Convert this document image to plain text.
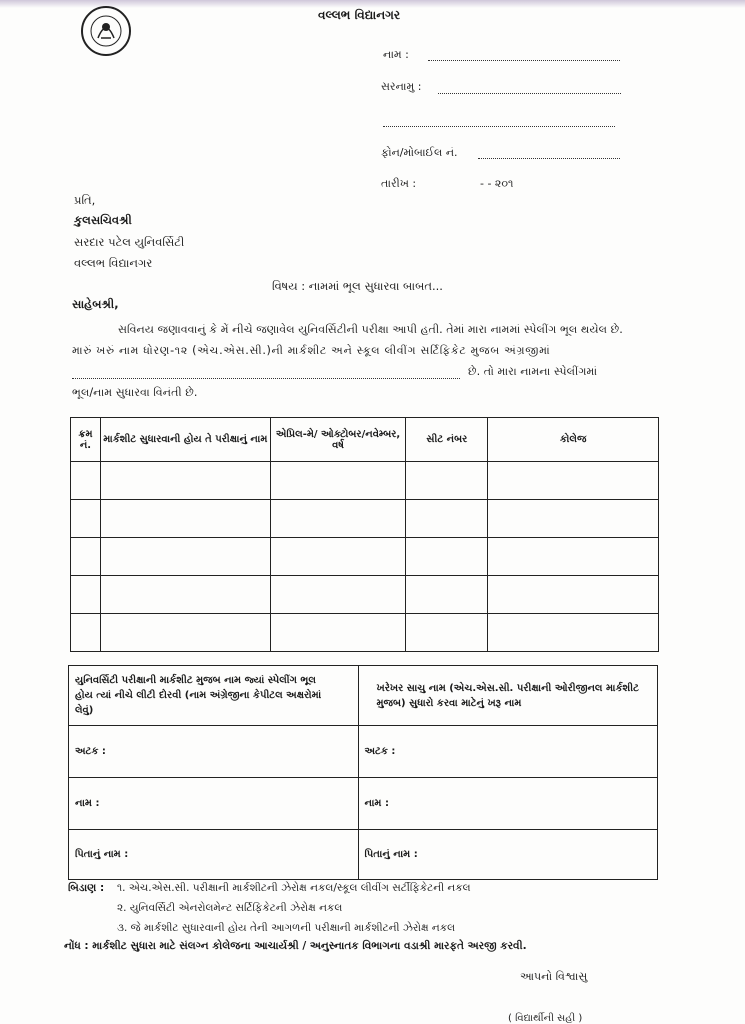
વલ્લભ વિદ્યાનગર
નામ :
સરનામુ :
ફોન/મોબાઈલ નં.
તારીખ :	- - ૨૦૧
પ્રતિ,
કુલસચિવશ્રી
સરદાર પટેલ યુનિવર્સિટી
વલ્લભ વિદ્યાનગર
વિષય : નામમાં ભૂલ સુધારવા બાબત...
સાહેબશ્રી,
સવિનય જણાવવાનું કે મેં નીચે જણાવેલ યુનિવર્સિટીની પરીક્ષા આપી હતી. તેમાં મારા નામમાં સ્પેલીંગ ભૂલ થયેલ છે.
મારું ખરું નામ ધોરણ-૧૨ (એચ.એસ.સી.)ની માર્કશીટ અને સ્કૂલ લીવીંગ સર્ટિફિકેટ મુજબ અંગ્રજીમાં
છે. તો મારા નામના સ્પેલીંગમાં
ભૂલ/નામ સુધારવા વિનંતી છે.
ક્રમ નં.	માર્કશીટ સુધારવાની હોય તે પરીક્ષાનું નામ	એપ્રિલ-મે/ ઓક્ટોબર/નવેમ્બર, વર્ષ	સીટ નંબર	કોલેજ

યુનિવર્સિટી પરીક્ષાની માર્કશીટ મુજબ નામ જ્યાં સ્પેલીંગ ભૂલ હોય ત્યાં નીચે લીટી દોરવી (નામ અંગ્રેજીના કેપીટલ અક્ષરોમાં લેવું)	ખરેખર સાચુ નામ (એચ.એસ.સી. પરીક્ષાની ઓરીજીનલ માર્કશીટ મુજબ) સુધારો કરવા માટેનું ખરૂ નામ
અટક :	અટક :
નામ :	નામ :
પિતાનું નામ :	પિતાનું નામ :
બિડાણ : ૧. એચ.એસ.સી. પરીક્ષાની માર્કશીટની ઝેરોક્ષ નકલ/સ્કૂલ લીવીંગ સર્ટીફિકેટની નકલ
૨. યુનિવર્સિટી એનરોલમેન્ટ સર્ટિફિકેટની ઝેરોક્ષ નકલ
૩. જે માર્કશીટ સુધારવાની હોય તેની આગળની પરીક્ષાની માર્કશીટની ઝેરોક્ષ નકલ
નોંધ : માર્કશીટ સુધારા માટે સંલગ્ન કોલેજના આચાર્યશ્રી / અનુસ્નાતક વિભાગના વડાશ્રી મારફતે અરજી કરવી.
આપનો વિશ્વાસુ
( વિદ્યાર્થીની સહી )
